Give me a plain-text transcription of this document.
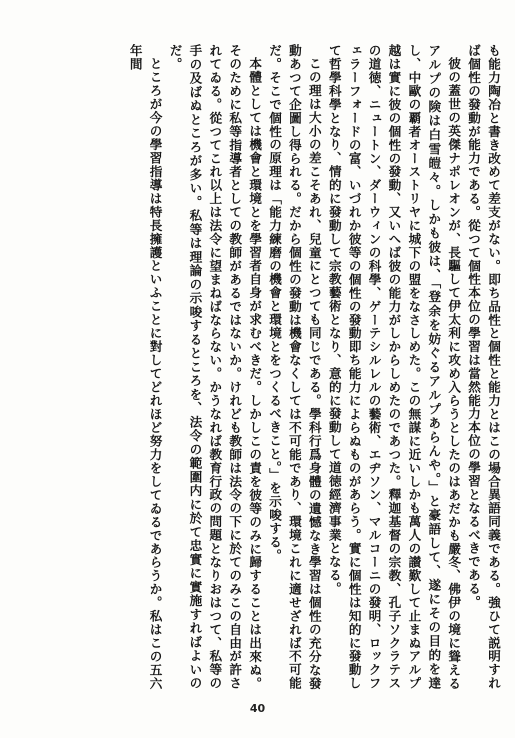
も能力陶冶と書き改めて差支がない。即ち品性と個性と能力とはこの場合異語同義である。強ひて説明すれば個性の發動が能力である。從つて個性本位の學習は當然能力本位の學習となるべきである。

彼の蓋世の英傑ナポレオンが、長驅して伊太利に攻め入らうとしたのはあだかも嚴冬、佛伊の境に聳えるアルプの険は白雪皚々。しかも彼は、「登余を妨ぐるアルプあらんや。」と豪語して、遂にその目的を達し、中歐の覇者オーストリヤに城下の盟をなさしめた。この無謀に近いしかも萬人の讃歎して止まぬアルプ越は實に彼の個性の發動、又いへば彼の能力がしからしめたのであつた。釋迦基督の宗教、孔子ソクラテスの道徳、ニュートン、ダーウィンの科學、ゲーテシルレルの藝術、エヂソン、マルコーニの發明、ロックフェラーフォードの富、いづれか彼等の個性の發動即ち能力によらぬものがあらう。實に個性は知的に發動して哲學科學となり、情的に發動して宗教藝術となり、意的に發動して道徳經濟事業となる。

この理は大小の差こそあれ、兒童にとつても同じである。學科行爲身體の遺憾なき學習は個性の充分な發動あつて企圖し得られる。だから個性の發動は機會なくしては不可能であり、環境これに適せざれば不可能だ。そこで個性の原理は「能力練磨の機會と環境とをつくるべきこと。」を示唆する。

本體としては機會と環境とを學習者自身が求むべきだ。しかしこの責を彼等のみに歸することは出來ぬ。そのために私等指導者としての教師があるではないか。けれども教師は法令の下に於てのみこの自由が許されてゐる。從つてこれ以上は法令に望まねばならない。かうなれば教育行政の問題となりおはつて、私等の手の及ばぬところが多い。私等は理論の示唆するところを、法令の範圍内に於て忠實に實施すればよいのだ。

ところが今の學習指導は特長擁護といふことに對してどれほど努力をしてゐるであらうか。私はこの五六年間

40
